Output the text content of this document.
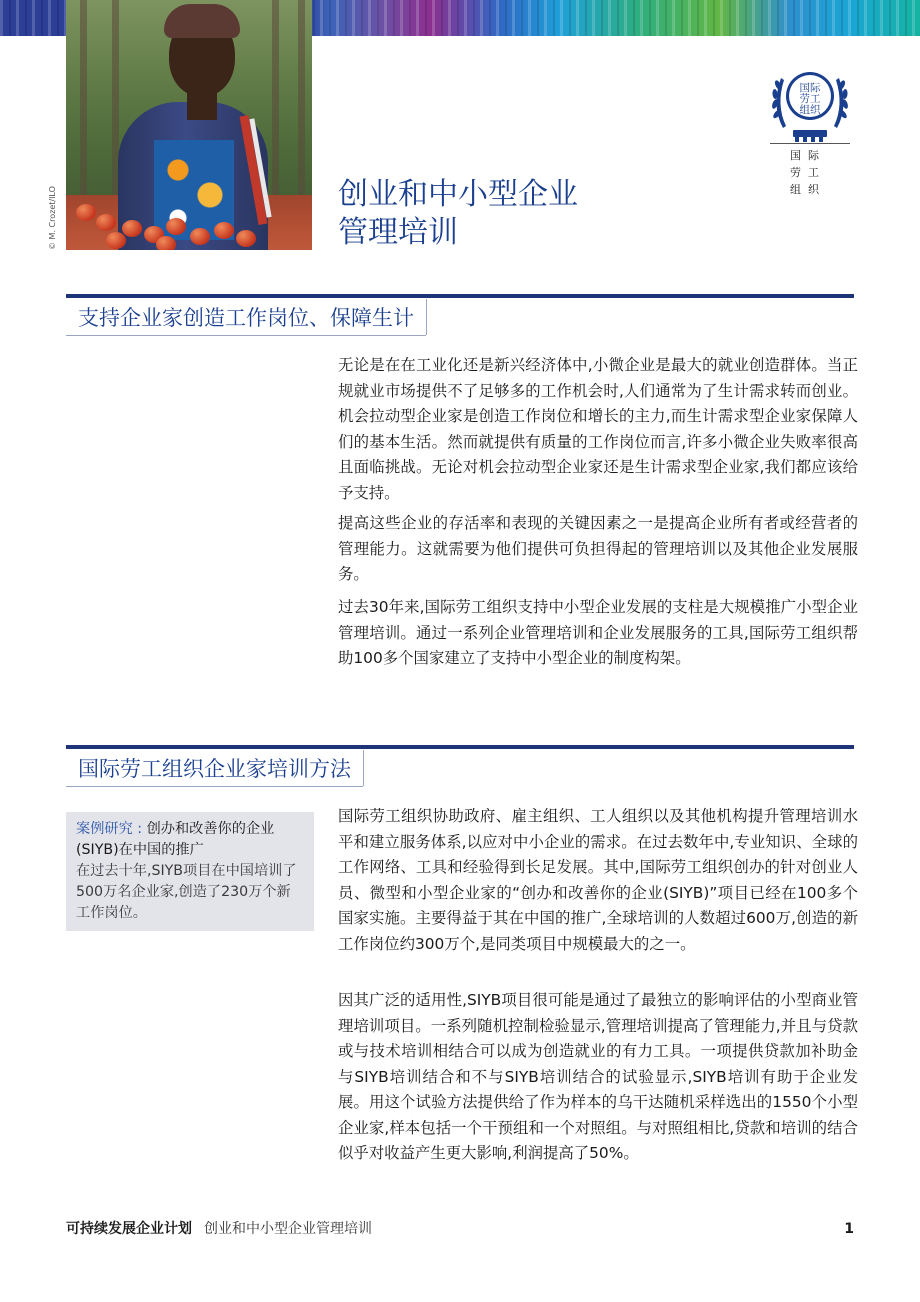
© M. Crozet/ILO
国际
劳工
组织
国际
劳工
组织
创业和中小型企业
管理培训
支持企业家创造工作岗位、保障生计
无论是在在工业化还是新兴经济体中,小微企业是最大的就业创造群体。当正规就业市场提供不了足够多的工作机会时,人们通常为了生计需求转而创业。机会拉动型企业家是创造工作岗位和增长的主力,而生计需求型企业家保障人们的基本生活。然而就提供有质量的工作岗位而言,许多小微企业失败率很高且面临挑战。无论对机会拉动型企业家还是生计需求型企业家,我们都应该给予支持。
提高这些企业的存活率和表现的关键因素之一是提高企业所有者或经营者的管理能力。这就需要为他们提供可负担得起的管理培训以及其他企业发展服务。
过去30年来,国际劳工组织支持中小型企业发展的支柱是大规模推广小型企业管理培训。通过一系列企业管理培训和企业发展服务的工具,国际劳工组织帮助100多个国家建立了支持中小型企业的制度构架。
国际劳工组织企业家培训方法
案例研究 : 创办和改善你的企业(SIYB)在中国的推广
在过去十年,SIYB项目在中国培训了500万名企业家,创造了230万个新工作岗位。
国际劳工组织协助政府、雇主组织、工人组织以及其他机构提升管理培训水平和建立服务体系,以应对中小企业的需求。在过去数年中,专业知识、全球的工作网络、工具和经验得到长足发展。其中,国际劳工组织创办的针对创业人员、微型和小型企业家的“创办和改善你的企业(SIYB)”项目已经在100多个国家实施。主要得益于其在中国的推广,全球培训的人数超过600万,创造的新工作岗位约300万个,是同类项目中规模最大的之一。
因其广泛的适用性,SIYB项目很可能是通过了最独立的影响评估的小型商业管理培训项目。一系列随机控制检验显示,管理培训提高了管理能力,并且与贷款或与技术培训相结合可以成为创造就业的有力工具。一项提供贷款加补助金与SIYB培训结合和不与SIYB培训结合的试验显示,SIYB培训有助于企业发展。用这个试验方法提供给了作为样本的乌干达随机采样选出的1550个小型企业家,样本包括一个干预组和一个对照组。与对照组相比,贷款和培训的结合似乎对收益产生更大影响,利润提高了50%。
可持续发展企业计划 创业和中小型企业管理培训	1
